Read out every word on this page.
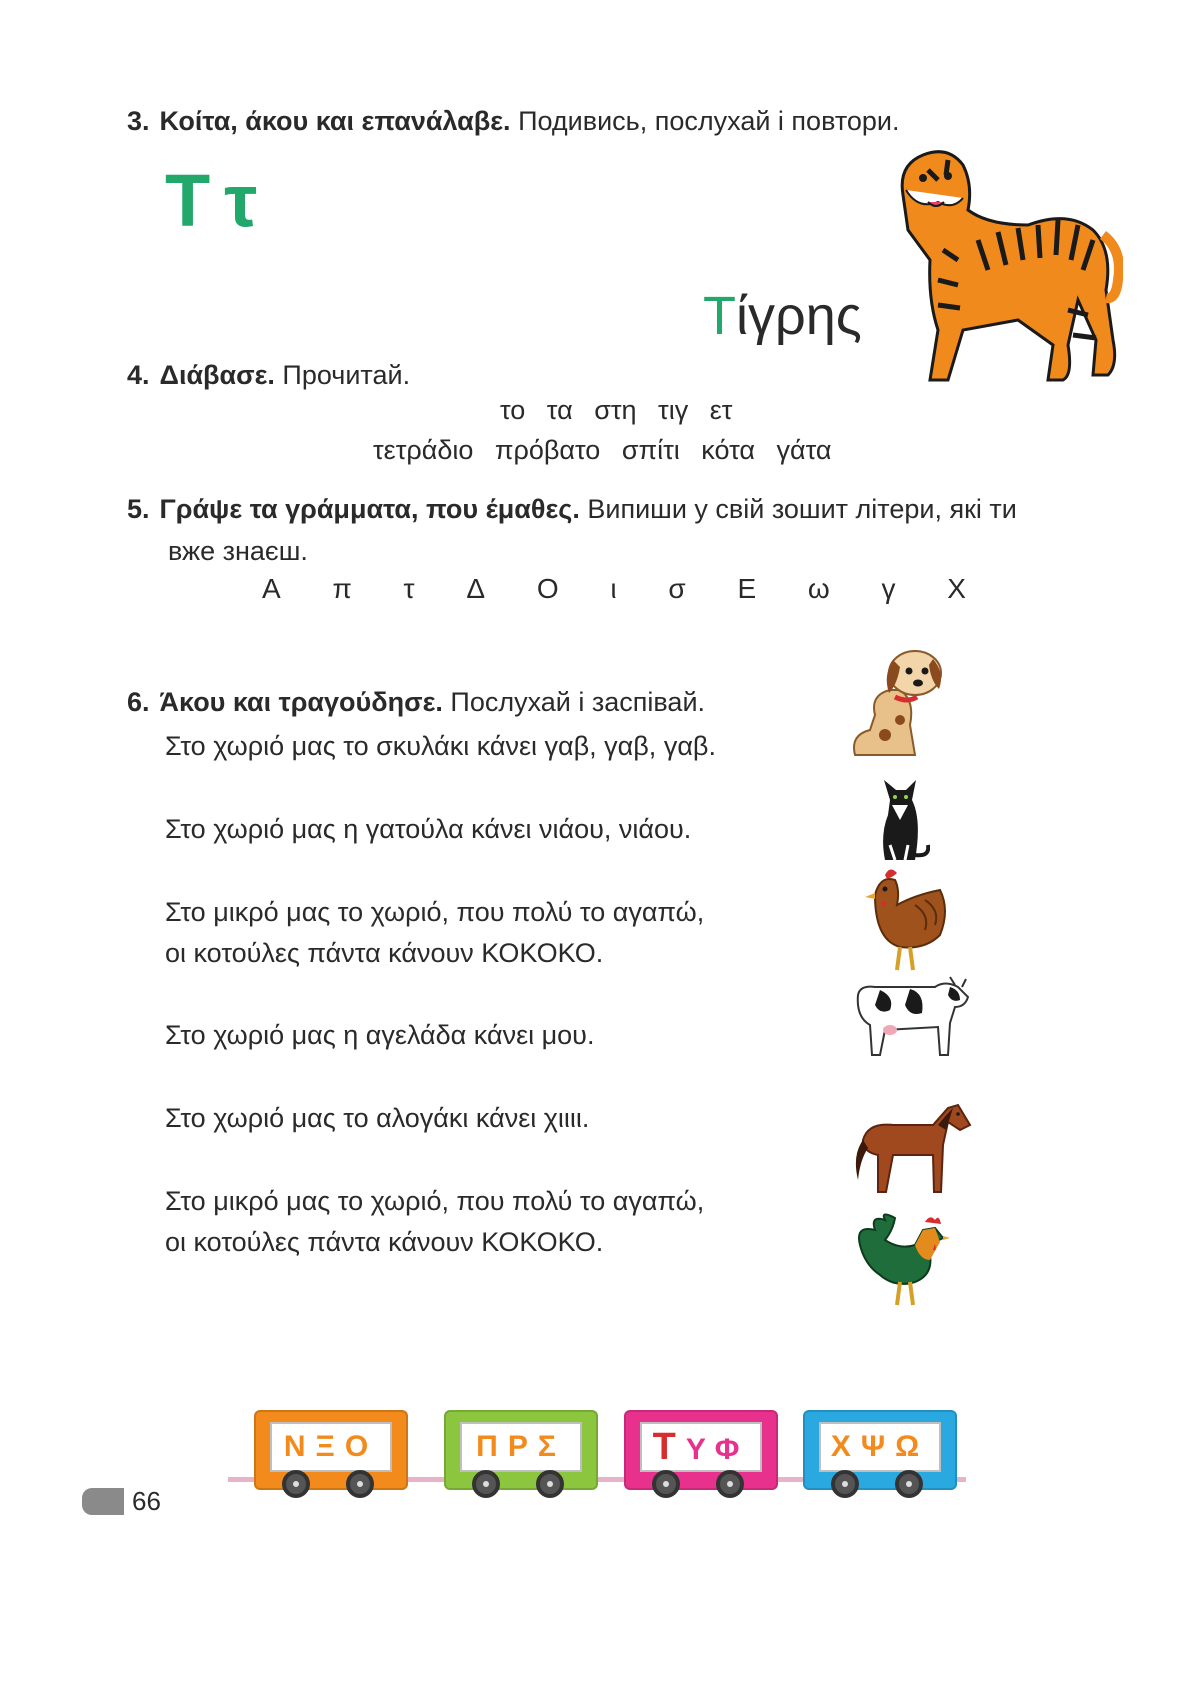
3. Κοίτα, άκου και επανάλαβε. Подивись, послухай і повтори.
Ττ
Τίγρης
4. Διάβασε. Прочитай.
το τα στη τιγ ετ
τετράδιο πρόβατο σπίτι κότα γάτα
5. Γράψε τα γράμματα, που έμαθες. Випиши у свій зошит літери, які ти
вже знаєш.
Α π τ Δ Ο ι σ Ε ω γ Χ
6. Άκου και τραγούδησε. Послухай і заспівай.
Στο χωριό μας το σκυλάκι κάνει γαβ, γαβ, γαβ.
Στο χωριό μας η γατούλα κάνει νιάου, νιάου.
Στο μικρό μας το χωριό, που πολύ το αγαπώ,
οι κοτούλες πάντα κάνουν ΚΟΚΟΚΟ.
Στο χωριό μας η αγελάδα κάνει μου.
Στο χωριό μας το αλογάκι κάνει χιιιι.
Στο μικρό μας το χωριό, που πολύ το αγαπώ,
οι κοτούλες πάντα κάνουν ΚΟΚΟΚΟ.
ΝΞΟ	ΠΡΣ	ΤΥΦ	ΧΨΩ
66
